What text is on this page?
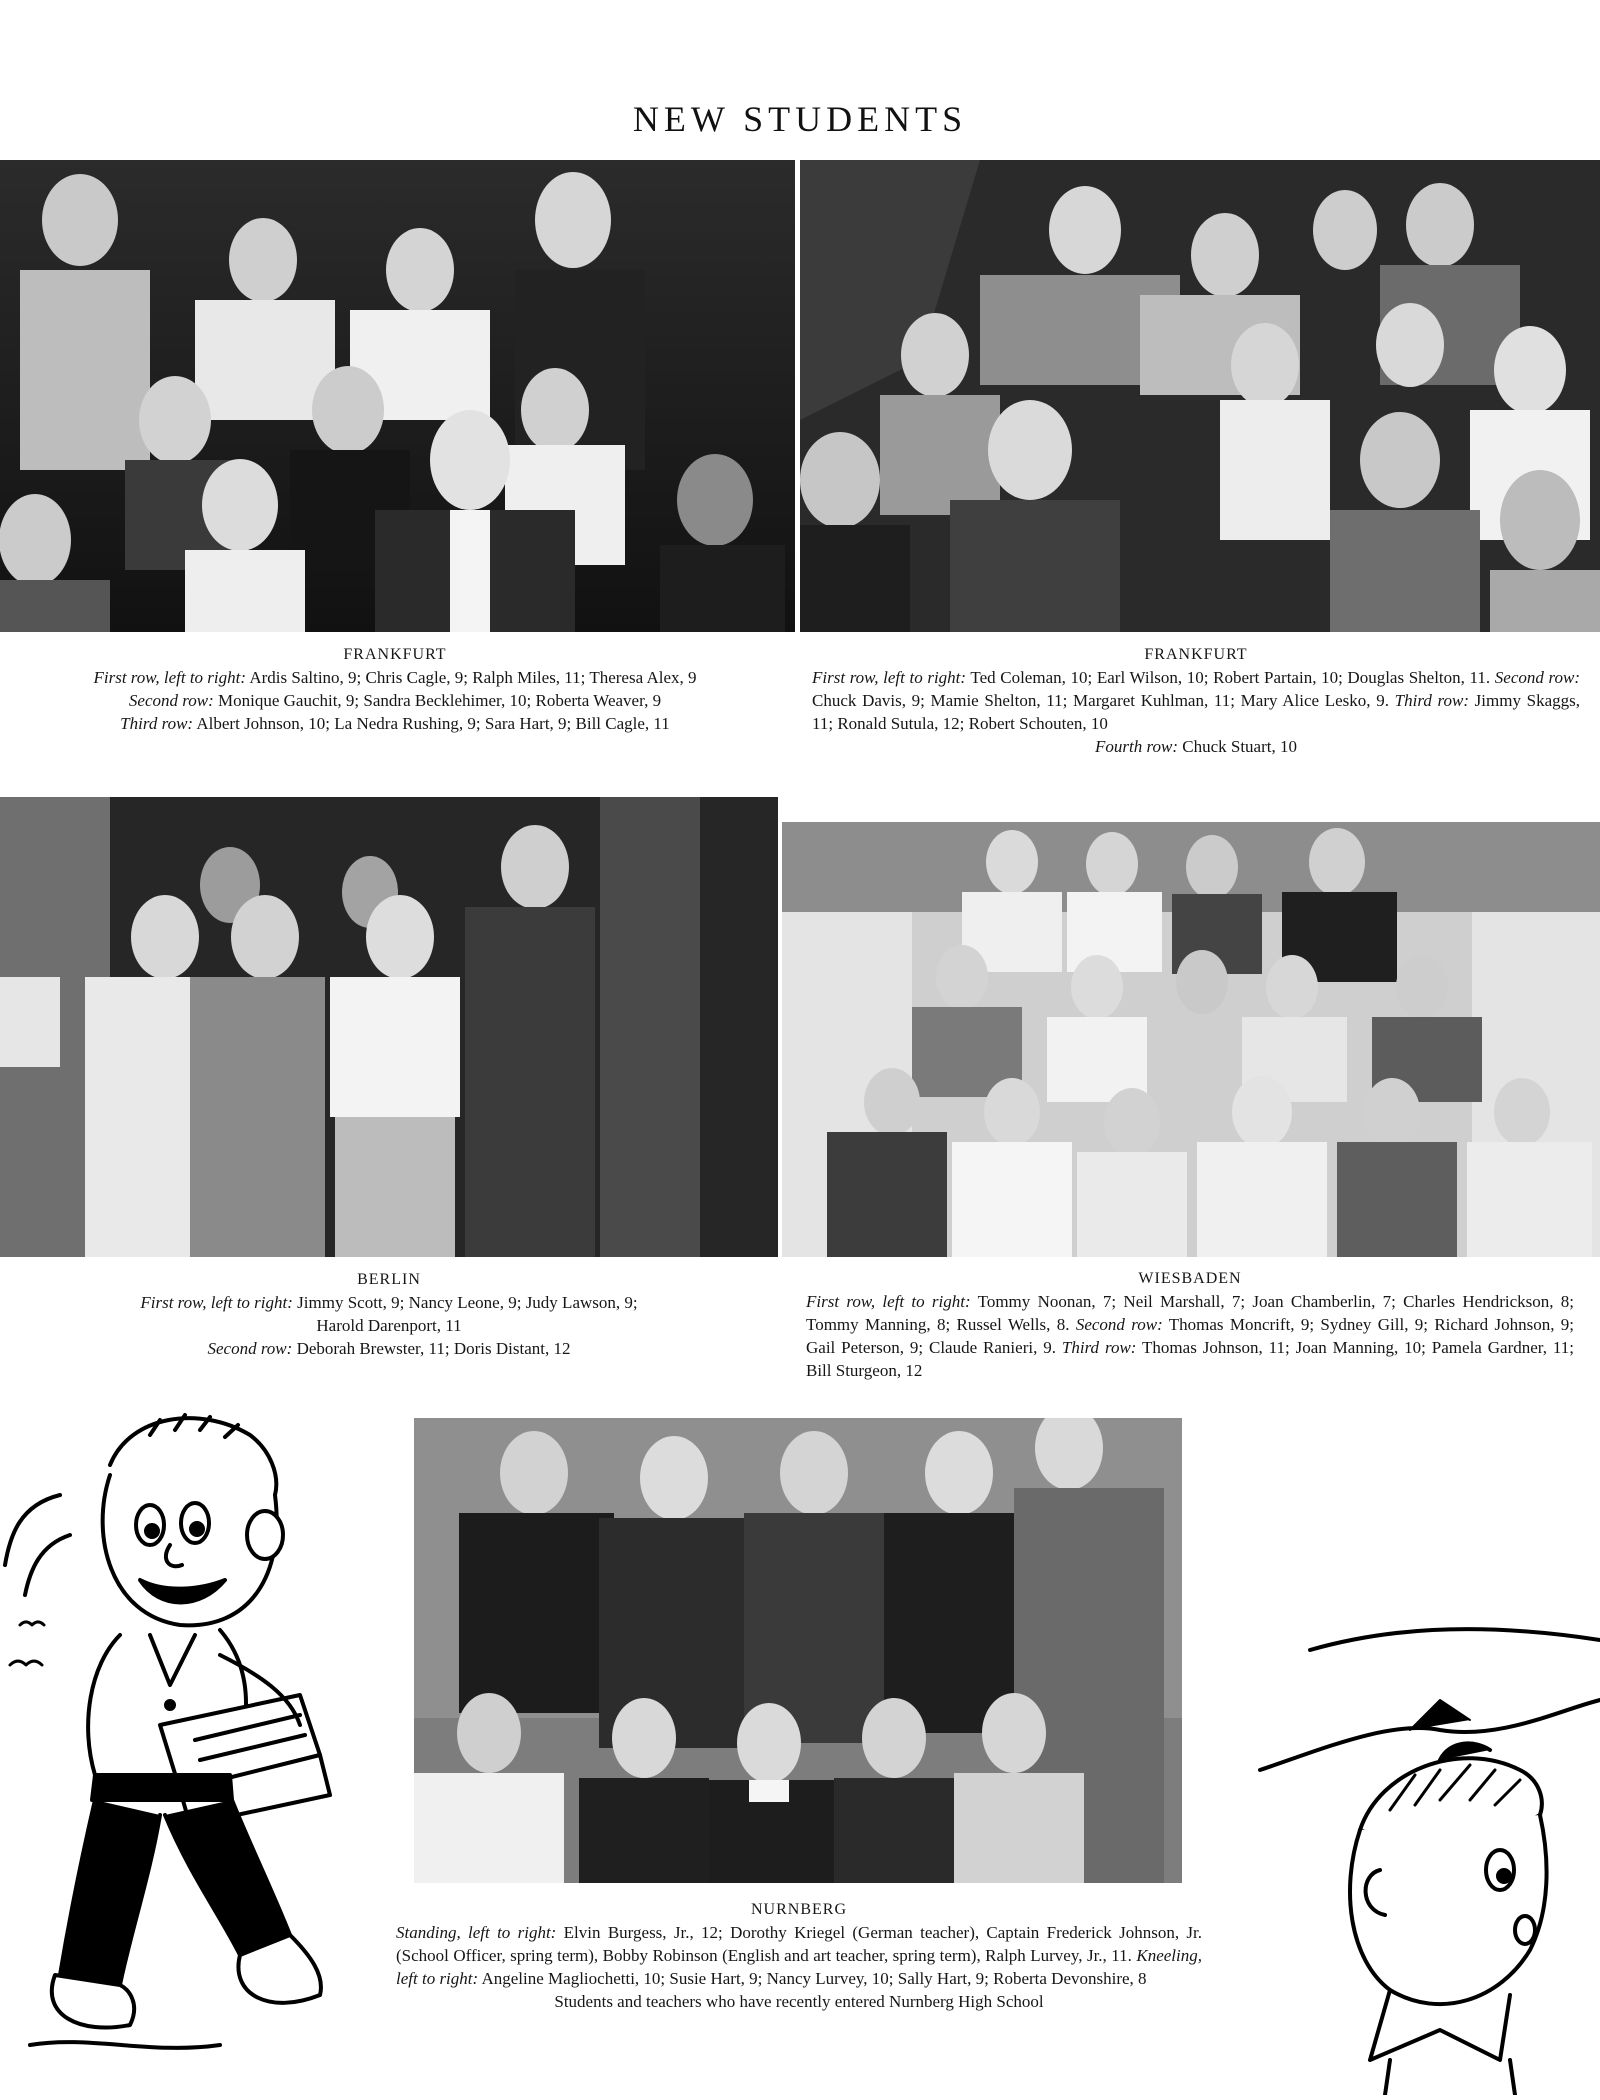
NEW STUDENTS
FRANKFURT
First row, left to right: Ardis Saltino, 9; Chris Cagle, 9; Ralph Miles, 11; Theresa Alex, 9
Second row: Monique Gauchit, 9; Sandra Becklehimer, 10; Roberta Weaver, 9
Third row: Albert Johnson, 10; La Nedra Rushing, 9; Sara Hart, 9; Bill Cagle, 11
FRANKFURT
First row, left to right: Ted Coleman, 10; Earl Wilson, 10; Robert Partain, 10; Douglas Shelton, 11. Second row: Chuck Davis, 9; Mamie Shelton, 11; Margaret Kuhlman, 11; Mary Alice Lesko, 9. Third row: Jimmy Skaggs, 11; Ronald Sutula, 12; Robert Schouten, 10
Fourth row: Chuck Stuart, 10
BERLIN
First row, left to right: Jimmy Scott, 9; Nancy Leone, 9; Judy Lawson, 9;
Harold Darenport, 11
Second row: Deborah Brewster, 11; Doris Distant, 12
WIESBADEN
First row, left to right: Tommy Noonan, 7; Neil Marshall, 7; Joan Chamberlin, 7; Charles Hendrickson, 8; Tommy Manning, 8; Russel Wells, 8. Second row: Thomas Moncrift, 9; Sydney Gill, 9; Richard Johnson, 9; Gail Peterson, 9; Claude Ranieri, 9. Third row: Thomas Johnson, 11; Joan Manning, 10; Pamela Gardner, 11; Bill Sturgeon, 12
NURNBERG
Standing, left to right: Elvin Burgess, Jr., 12; Dorothy Kriegel (German teacher), Captain Frederick Johnson, Jr. (School Officer, spring term), Bobby Robinson (English and art teacher, spring term), Ralph Lurvey, Jr., 11. Kneeling, left to right: Angeline Magliochetti, 10; Susie Hart, 9; Nancy Lurvey, 10; Sally Hart, 9; Roberta Devonshire, 8
Students and teachers who have recently entered Nurnberg High School
